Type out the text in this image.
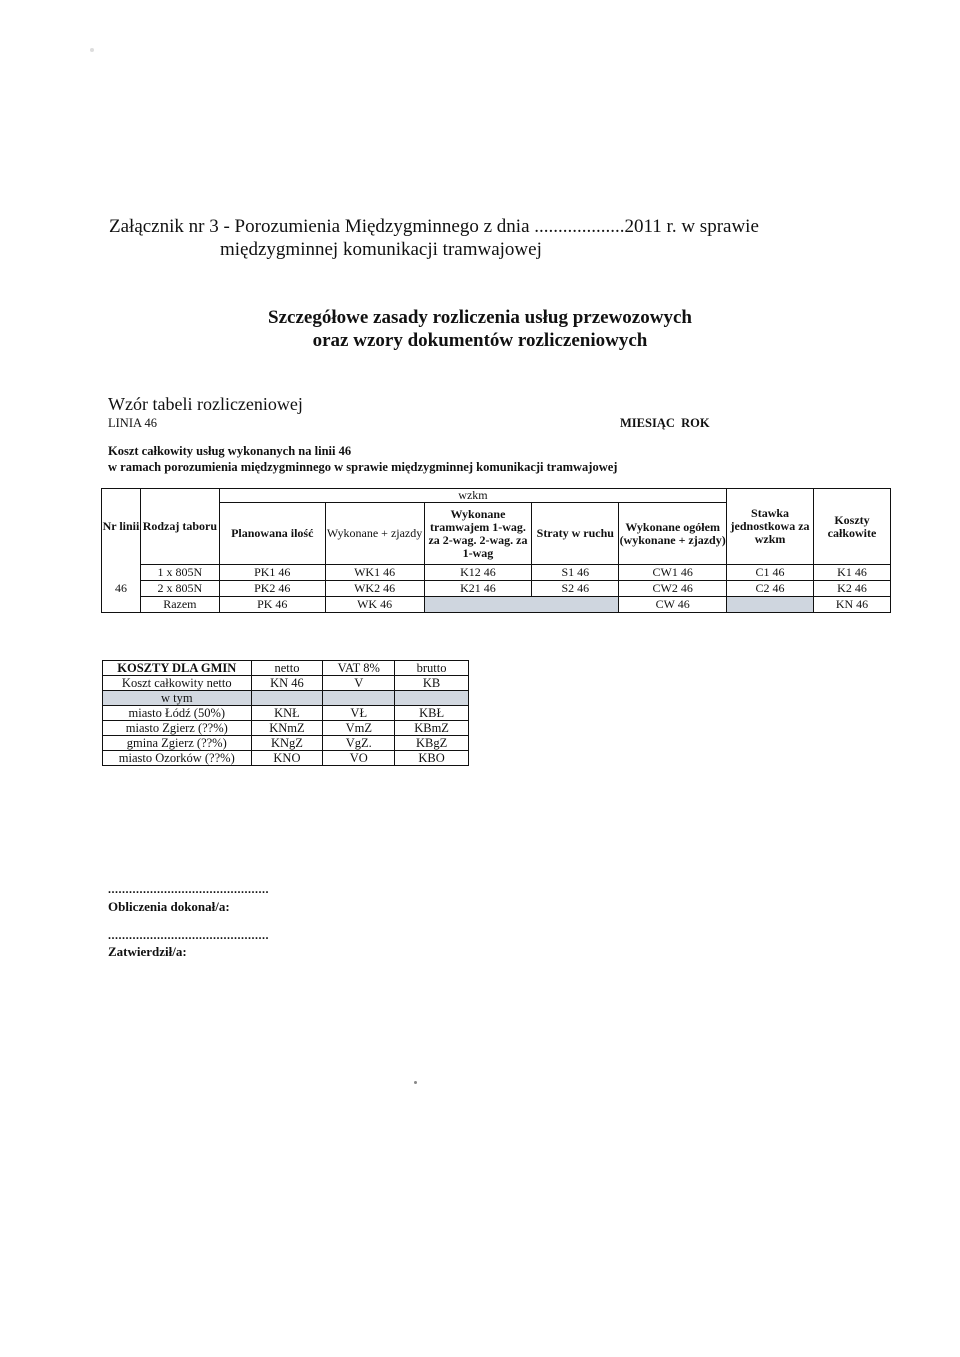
Załącznik nr 3 - Porozumienia Międzygminnego z dnia ...................2011 r. w sprawie
międzygminnej komunikacji tramwajowej
Szczegółowe zasady rozliczenia usług przewozowych
oraz wzory dokumentów rozliczeniowych
Wzór tabeli rozliczeniowej
LINIA 46	MIESIĄC  ROK
Koszt całkowity usług wykonanych na linii 46
w ramach porozumienia międzygminnego w sprawie międzygminnej komunikacji tramwajowej
Nr linii	Rodzaj taboru	wzkm					Stawka jednostkowa za wzkm	Koszty całkowite
		Planowana ilość	Wykonane + zjazdy	Wykonane tramwajem 1-wag. za 2-wag. 2-wag. za 1-wag	Straty w ruchu	Wykonane ogółem (wykonane + zjazdy)		
46	1 x 805N	PK1 46	WK1 46	K12 46	S1 46	CW1 46	C1 46	K1 46
	2 x 805N	PK2 46	WK2 46	K21 46	S2 46	CW2 46	C2 46	K2 46
	Razem	PK 46	WK 46			CW 46		KN 46
KOSZTY DLA GMIN	netto	VAT 8%	brutto
Koszt całkowity netto	KN 46	V	KB
w tym			
miasto Łódź (50%)	KNŁ	VŁ	KBŁ
miasto Zgierz (??%)	KNmZ	VmZ	KBmZ
gmina Zgierz (??%)	KNgZ	VgZ.	KBgZ
miasto Ozorków (??%)	KNO	VO	KBO
..............................................
Obliczenia dokonał/a:
..............................................
Zatwierdził/a:
